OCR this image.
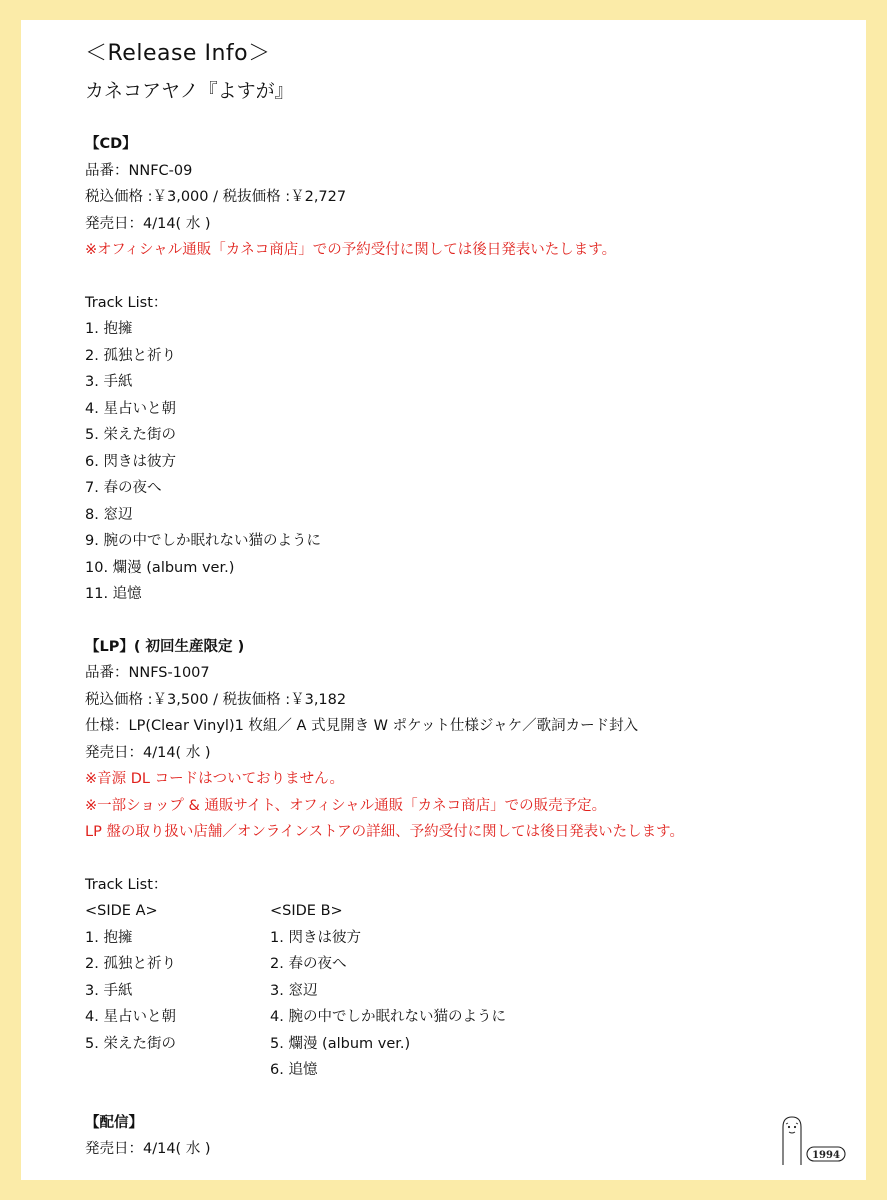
＜Release Info＞
カネコアヤノ『よすが』
【CD】
品番：NNFC-09
税込価格 :￥3,000 / 税抜価格 :￥2,727
発売日：4/14( 水 )
※オフィシャル通販「カネコ商店」での予約受付に関しては後日発表いたします。
Track List：
1. 抱擁
2. 孤独と祈り
3. 手紙
4. 星占いと朝
5. 栄えた街の
6. 閃きは彼方
7. 春の夜へ
8. 窓辺
9. 腕の中でしか眠れない猫のように
10. 爛漫 (album ver.)
11. 追憶
【LP】( 初回生産限定 )
品番：NNFS-1007
税込価格 :￥3,500 / 税抜価格 :￥3,182
仕様：LP(Clear Vinyl)1 枚組／ A 式見開き W ポケット仕様ジャケ／歌詞カード封入
発売日：4/14( 水 )
※音源 DL コードはついておりません。
※一部ショップ & 通販サイト、オフィシャル通販「カネコ商店」での販売予定。
LP 盤の取り扱い店舗／オンラインストアの詳細、予約受付に関しては後日発表いたします。
Track List：
<SIDE A>
1. 抱擁
2. 孤独と祈り
3. 手紙
4. 星占いと朝
5. 栄えた街の
<SIDE B>
1. 閃きは彼方
2. 春の夜へ
3. 窓辺
4. 腕の中でしか眠れない猫のように
5. 爛漫 (album ver.)
6. 追憶
【配信】
発売日：4/14( 水 )	1994
